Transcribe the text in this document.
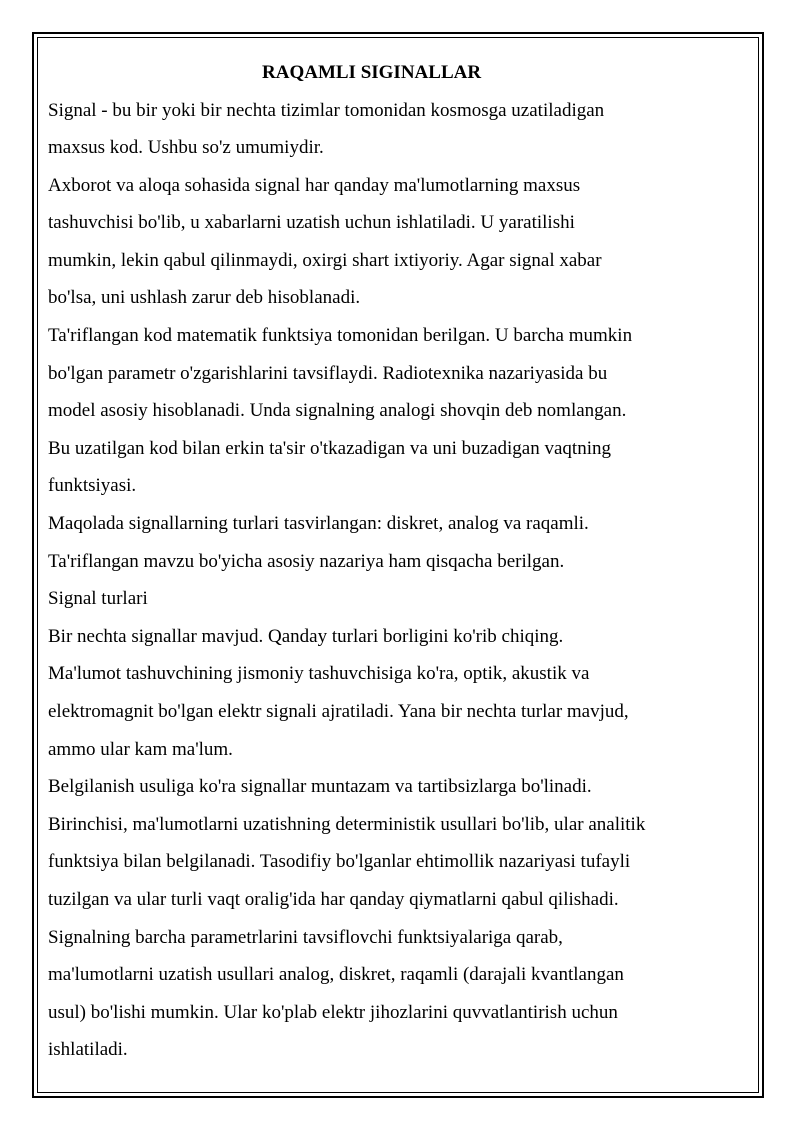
RAQAMLI SIGINALLAR
Signal - bu bir yoki bir nechta tizimlar tomonidan kosmosga uzatiladigan
maxsus kod. Ushbu so'z umumiydir.
Axborot va aloqa sohasida signal har qanday ma'lumotlarning maxsus
tashuvchisi bo'lib, u xabarlarni uzatish uchun ishlatiladi. U yaratilishi
mumkin, lekin qabul qilinmaydi, oxirgi shart ixtiyoriy. Agar signal xabar
bo'lsa, uni ushlash zarur deb hisoblanadi.
Ta'riflangan kod matematik funktsiya tomonidan berilgan. U barcha mumkin
bo'lgan parametr o'zgarishlarini tavsiflaydi. Radiotexnika nazariyasida bu
model asosiy hisoblanadi. Unda signalning analogi shovqin deb nomlangan.
Bu uzatilgan kod bilan erkin ta'sir o'tkazadigan va uni buzadigan vaqtning
funktsiyasi.
Maqolada signallarning turlari tasvirlangan: diskret, analog va raqamli.
Ta'riflangan mavzu bo'yicha asosiy nazariya ham qisqacha berilgan.
Signal turlari
Bir nechta signallar mavjud. Qanday turlari borligini ko'rib chiqing.
Ma'lumot tashuvchining jismoniy tashuvchisiga ko'ra, optik, akustik va
elektromagnit bo'lgan elektr signali ajratiladi. Yana bir nechta turlar mavjud,
ammo ular kam ma'lum.
Belgilanish usuliga ko'ra signallar muntazam va tartibsizlarga bo'linadi.
Birinchisi, ma'lumotlarni uzatishning deterministik usullari bo'lib, ular analitik
funktsiya bilan belgilanadi. Tasodifiy bo'lganlar ehtimollik nazariyasi tufayli
tuzilgan va ular turli vaqt oralig'ida har qanday qiymatlarni qabul qilishadi.
Signalning barcha parametrlarini tavsiflovchi funktsiyalariga qarab,
ma'lumotlarni uzatish usullari analog, diskret, raqamli (darajali kvantlangan
usul) bo'lishi mumkin. Ular ko'plab elektr jihozlarini quvvatlantirish uchun
ishlatiladi.
